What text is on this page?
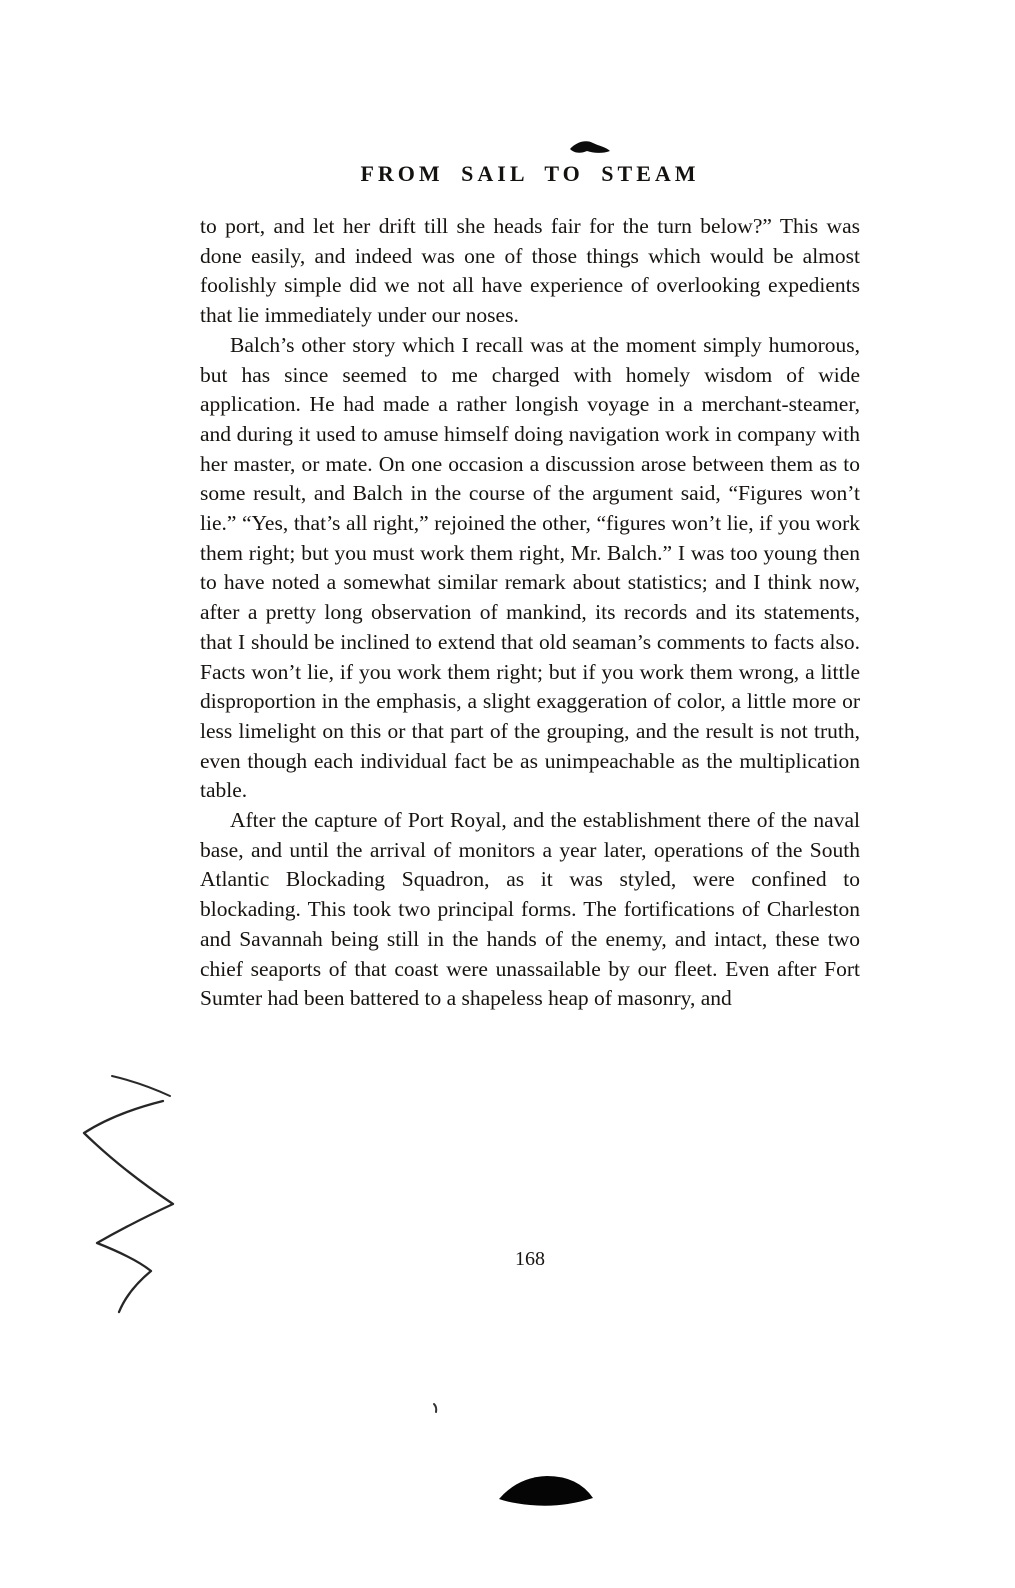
FROM SAIL TO STEAM

to port, and let her drift till she heads fair for the turn below?” This was done easily, and indeed was one of those things which would be almost foolishly simple did we not all have experience of overlooking expedients that lie immediately under our noses.

Balch’s other story which I recall was at the moment simply humorous, but has since seemed to me charged with homely wisdom of wide application. He had made a rather longish voyage in a merchant-steamer, and during it used to amuse himself doing navigation work in company with her master, or mate. On one occasion a discussion arose between them as to some result, and Balch in the course of the argument said, “Figures won’t lie.” “Yes, that’s all right,” rejoined the other, “figures won’t lie, if you work them right; but you must work them right, Mr. Balch.” I was too young then to have noted a somewhat similar remark about statistics; and I think now, after a pretty long observation of mankind, its records and its statements, that I should be inclined to extend that old seaman’s comments to facts also. Facts won’t lie, if you work them right; but if you work them wrong, a little disproportion in the emphasis, a slight exaggeration of color, a little more or less limelight on this or that part of the grouping, and the result is not truth, even though each individual fact be as unimpeachable as the multiplication table.

After the capture of Port Royal, and the establishment there of the naval base, and until the arrival of monitors a year later, operations of the South Atlantic Blockading Squadron, as it was styled, were confined to blockading. This took two principal forms. The fortifications of Charleston and Savannah being still in the hands of the enemy, and intact, these two chief seaports of that coast were unassailable by our fleet. Even after Fort Sumter had been battered to a shapeless heap of masonry, and

168
